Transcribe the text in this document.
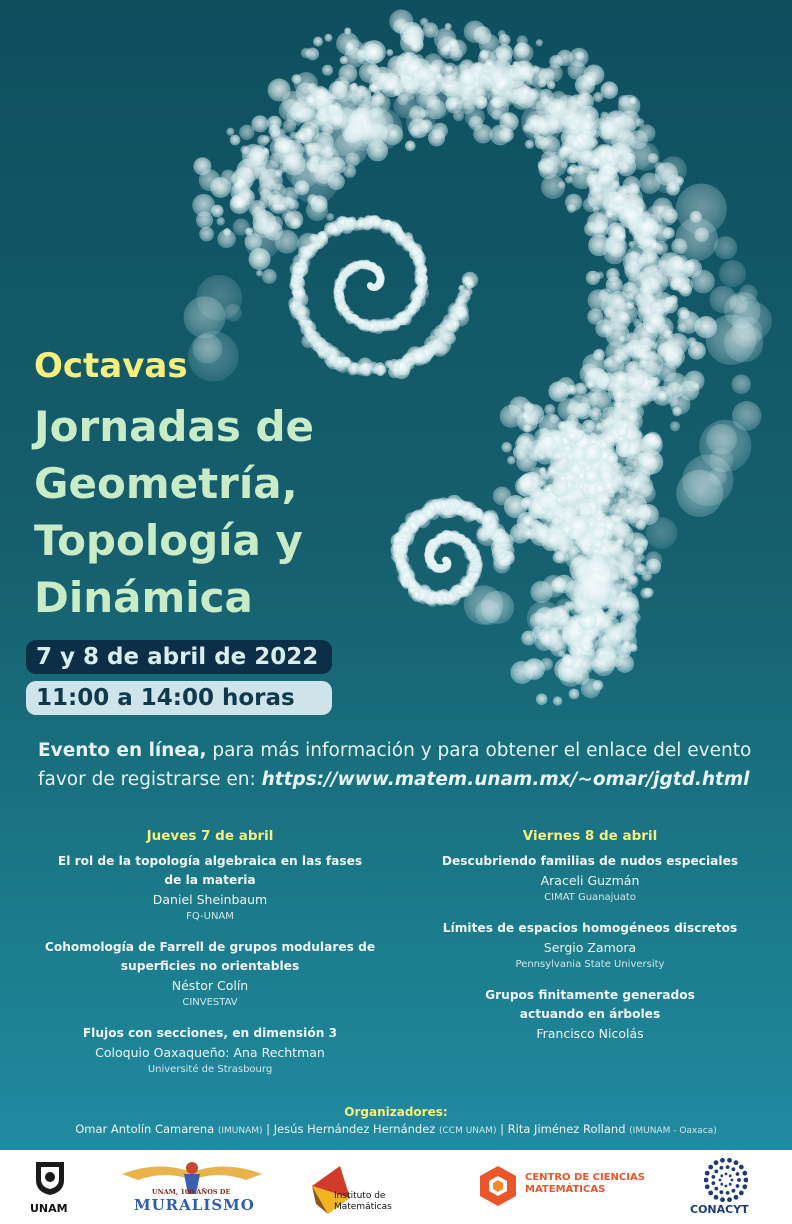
Octavas
Jornadas de
Geometría,
Topología y
Dinámica
7 y 8 de abril de 2022
11:00 a 14:00 horas
Evento en línea, para más información y para obtener el enlace del evento
favor de registrarse en: https://www.matem.unam.mx/~omar/jgtd.html
Jueves 7 de abril
El rol de la topología algebraica en las fases de la materia
Daniel Sheinbaum
FQ-UNAM
Cohomología de Farrell de grupos modulares de superficies no orientables
Néstor Colín
CINVESTAV
Flujos con secciones, en dimensión 3
Coloquio Oaxaqueño: Ana Rechtman
Université de Strasbourg
Viernes 8 de abril
Descubriendo familias de nudos especiales
Araceli Guzmán
CIMAT Guanajuato
Límites de espacios homogéneos discretos
Sergio Zamora
Pennsylvania State University
Grupos finitamente generados actuando en árboles
Francisco Nicolás
Organizadores:
Omar Antolín Camarena (IMUNAM) | Jesús Hernández Hernández (CCM UNAM) | Rita Jiménez Rolland (IMUNAM - Oaxaca)
UNAM
UNAM, 100 AÑOS DE
MURALISMO	Instituto de
Matemáticas
CENTRO DE CIENCIAS
MATEMÁTICAS
CONACYT
